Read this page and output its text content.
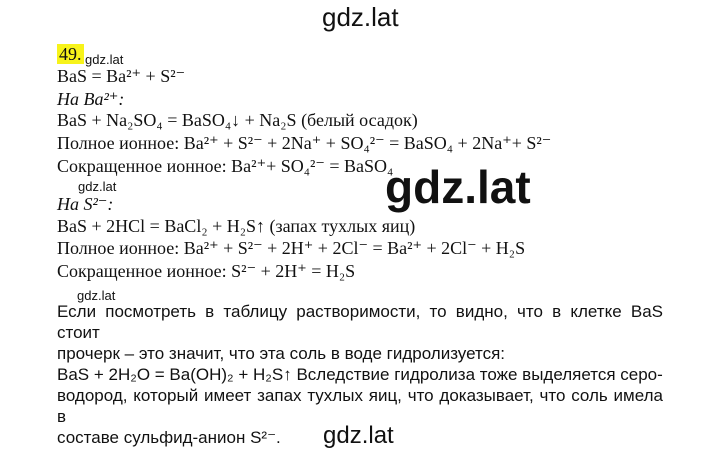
gdz.lat
gdz.lat
gdz.lat
49. gdz.lat
BaS = Ba²⁺ + S²⁻
На Ba²⁺:
BaS + Na₂SO₄ = BaSO₄↓ + Na₂S (белый осадок)
Полное ионное: Ba²⁺ + S²⁻ + 2Na⁺ + SO₄²⁻ = BaSO₄ + 2Na⁺+ S²⁻
Сокращенное ионное: Ba²⁺+ SO₄²⁻ = BaSO₄
gdz.lat
На S²⁻:
BaS + 2HCl = BaCl₂ + H₂S↑ (запах тухлых яиц)
Полное ионное: Ba²⁺ + S²⁻ + 2H⁺ + 2Cl⁻ = Ba²⁺ + 2Cl⁻ + H₂S
Сокращенное ионное: S²⁻ + 2H⁺ = H₂S
gdz.lat
Если посмотреть в таблицу растворимости, то видно, что в клетке BaS стоит
прочерк – это значит, что эта соль в воде гидролизуется:
BaS + 2H₂O = Ba(OH)₂ + H₂S↑ Вследствие гидролиза тоже выделяется серо-
водород, который имеет запах тухлых яиц, что доказывает, что соль имела в
составе сульфид-анион S²⁻.
